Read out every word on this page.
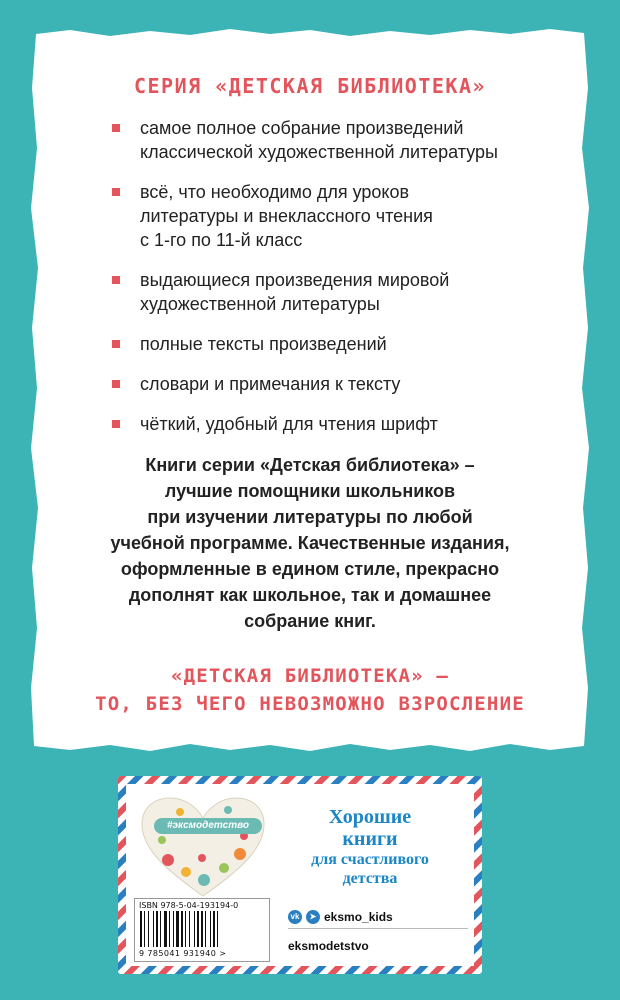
СЕРИЯ «ДЕТСКАЯ БИБЛИОТЕКА»
самое полное собрание произведений
классической художественной литературы
всё, что необходимо для уроков
литературы и внеклассного чтения
с 1-го по 11-й класс
выдающиеся произведения мировой
художественной литературы
полные тексты произведений
словари и примечания к тексту
чёткий, удобный для чтения шрифт
Книги серии «Детская библиотека» –
лучшие помощники школьников
при изучении литературы по любой
учебной программе. Качественные издания,
оформленные в едином стиле, прекрасно
дополнят как школьное, так и домашнее
собрание книг.
«ДЕТСКАЯ БИБЛИОТЕКА» –
ТО, БЕЗ ЧЕГО НЕВОЗМОЖНО ВЗРОСЛЕНИЕ
#эксмодетство	Хорошие
книги
для счастливого
детства
ISBN 978-5-04-193194-0
9 785041 931940 >
vk	➤ eksmo_kids
eksmodetstvo
